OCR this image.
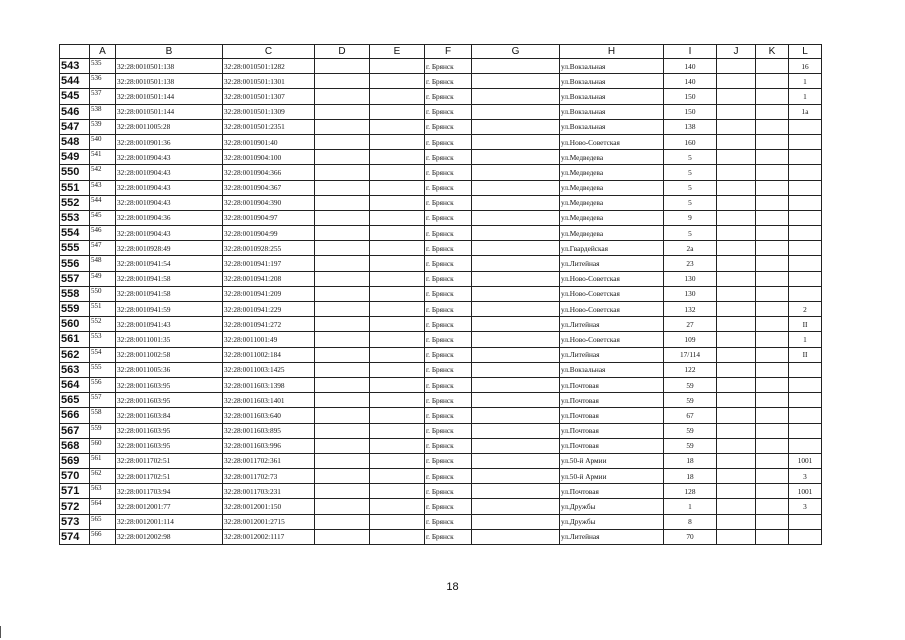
	A	B	C	D	E	F	G	H	I	J	K	L
543	535	32:28:0010501:138	32:28:0010501:1282			г. Брянск		ул.Вокзальная	140			16
544	536	32:28:0010501:138	32:28:0010501:1301			г. Брянск		ул.Вокзальная	140			1
545	537	32:28:0010501:144	32:28:0010501:1307			г. Брянск		ул.Вокзальная	150			1
546	538	32:28:0010501:144	32:28:0010501:1309			г. Брянск		ул.Вокзальная	150			1а
547	539	32:28:0011005:28	32:28:0010501:2351			г. Брянск		ул.Вокзальная	138			
548	540	32:28:0010901:36	32:28:0010901:40			г. Брянск		ул.Ново-Советская	160			
549	541	32:28:0010904:43	32:28:0010904:100			г. Брянск		ул.Медведева	5			
550	542	32:28:0010904:43	32:28:0010904:366			г. Брянск		ул.Медведева	5			
551	543	32:28:0010904:43	32:28:0010904:367			г. Брянск		ул.Медведева	5			
552	544	32:28:0010904:43	32:28:0010904:390			г. Брянск		ул.Медведева	5			
553	545	32:28:0010904:36	32:28:0010904:97			г. Брянск		ул.Медведева	9			
554	546	32:28:0010904:43	32:28:0010904:99			г. Брянск		ул.Медведева	5			
555	547	32:28:0010928:49	32:28:0010928:255			г. Брянск		ул.Гвардейская	2а			
556	548	32:28:0010941:54	32:28:0010941:197			г. Брянск		ул.Литейная	23			
557	549	32:28:0010941:58	32:28:0010941:208			г. Брянск		ул.Ново-Советская	130			
558	550	32:28:0010941:58	32:28:0010941:209			г. Брянск		ул.Ново-Советская	130			
559	551	32:28:0010941:59	32:28:0010941:229			г. Брянск		ул.Ново-Советская	132			2
560	552	32:28:0010941:43	32:28:0010941:272			г. Брянск		ул.Литейная	27			II
561	553	32:28:0011001:35	32:28:0011001:49			г. Брянск		ул.Ново-Советская	109			1
562	554	32:28:0011002:58	32:28:0011002:184			г. Брянск		ул.Литейная	17/114			II
563	555	32:28:0011005:36	32:28:0011003:1425			г. Брянск		ул.Вокзальная	122			
564	556	32:28:0011603:95	32:28:0011603:1398			г. Брянск		ул.Почтовая	59			
565	557	32:28:0011603:95	32:28:0011603:1401			г. Брянск		ул.Почтовая	59			
566	558	32:28:0011603:84	32:28:0011603:640			г. Брянск		ул.Почтовая	67			
567	559	32:28:0011603:95	32:28:0011603:895			г. Брянск		ул.Почтовая	59			
568	560	32:28:0011603:95	32:28:0011603:996			г. Брянск		ул.Почтовая	59			
569	561	32:28:0011702:51	32:28:0011702:361			г. Брянск		ул.50-й Армии	18			1001
570	562	32:28:0011702:51	32:28:0011702:73			г. Брянск		ул.50-й Армии	18			3
571	563	32:28:0011703:94	32:28:0011703:231			г. Брянск		ул.Почтовая	128			1001
572	564	32:28:0012001:77	32:28:0012001:150			г. Брянск		ул.Дружбы	1			3
573	565	32:28:0012001:114	32:28:0012001:2715			г. Брянск		ул.Дружбы	8			
574	566	32:28:0012002:98	32:28:0012002:1117			г. Брянск		ул.Литейная	70			
18
